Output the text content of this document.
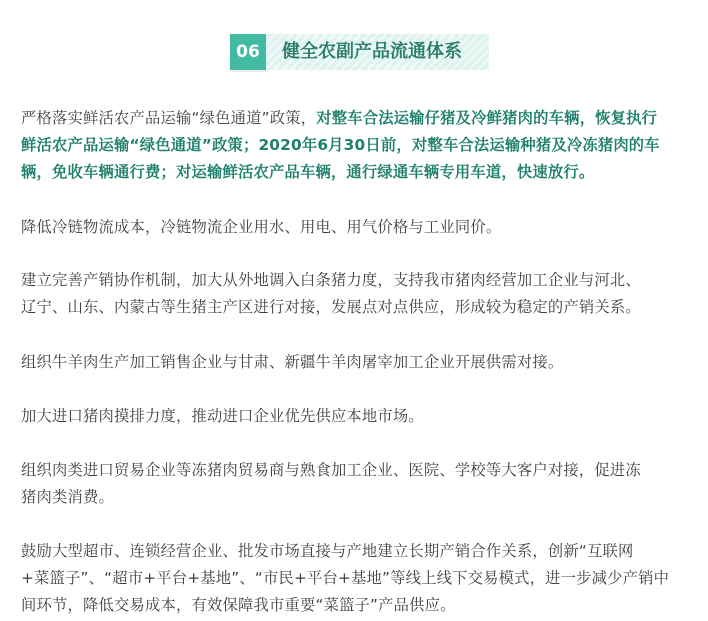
06	健全农副产品流通体系
严格落实鲜活农产品运输“绿色通道”政策，对整车合法运输仔猪及冷鲜猪肉的车辆，恢复执行
鲜活农产品运输“绿色通道”政策；2020年6月30日前，对整车合法运输种猪及冷冻猪肉的车
辆，免收车辆通行费；对运输鲜活农产品车辆，通行绿通车辆专用车道，快速放行。
降低冷链物流成本，冷链物流企业用水、用电、用气价格与工业同价。
建立完善产销协作机制，加大从外地调入白条猪力度，支持我市猪肉经营加工企业与河北、
辽宁、山东、内蒙古等生猪主产区进行对接，发展点对点供应，形成较为稳定的产销关系。
组织牛羊肉生产加工销售企业与甘肃、新疆牛羊肉屠宰加工企业开展供需对接。
加大进口猪肉摸排力度，推动进口企业优先供应本地市场。
组织肉类进口贸易企业等冻猪肉贸易商与熟食加工企业、医院、学校等大客户对接，促进冻
猪肉类消费。
鼓励大型超市、连锁经营企业、批发市场直接与产地建立长期产销合作关系，创新“互联网
+菜篮子”、“超市+平台+基地”、“市民+平台+基地”等线上线下交易模式，进一步减少产销中
间环节，降低交易成本，有效保障我市重要“菜篮子”产品供应。
